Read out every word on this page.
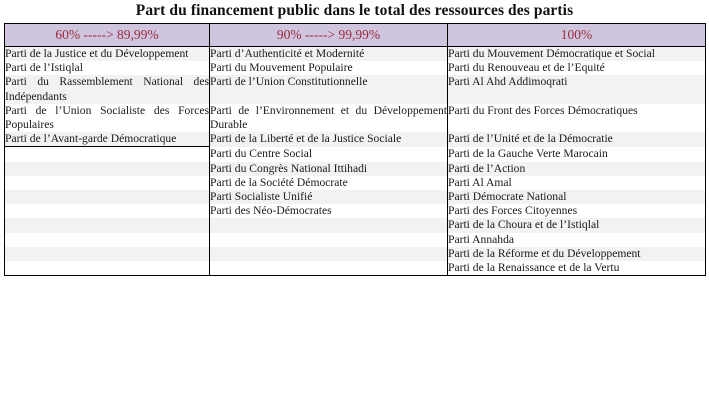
Part du financement public dans le total des ressources des partis
60% -----> 89,99%	90% -----> 99,99%	100%

Parti de la Justice et du Développement	Parti d’Authenticité et Modernité	Parti du Mouvement Démocratique et Social

Parti de l’Istiqlal	Parti du Mouvement Populaire	Parti du Renouveau et de l’Equité

Parti du Rassemblement National des Indépendants	Parti de l’Union Constitutionnelle	Parti Al Ahd Addimoqrati

Parti de l’Union Socialiste des Forces Populaires	Parti de l’Environnement et du Développement Durable	Parti du Front des Forces Démocratiques

Parti de l’Avant-garde Démocratique	Parti de la Liberté et de la Justice Sociale	Parti de l’Unité et de la Démocratie

	Parti du Centre Social	Parti de la Gauche Verte Marocain

	Parti du Congrès National Ittihadi	Parti de l’Action

	Parti de la Société Démocrate	Parti Al Amal

	Parti Socialiste Unifié	Parti Démocrate National

	Parti des Néo-Démocrates	Parti des Forces Citoyennes

		Parti de la Choura et de l’Istiqlal

		Parti Annahda

		Parti de la Réforme et du Développement

		Parti de la Renaissance et de la Vertu
